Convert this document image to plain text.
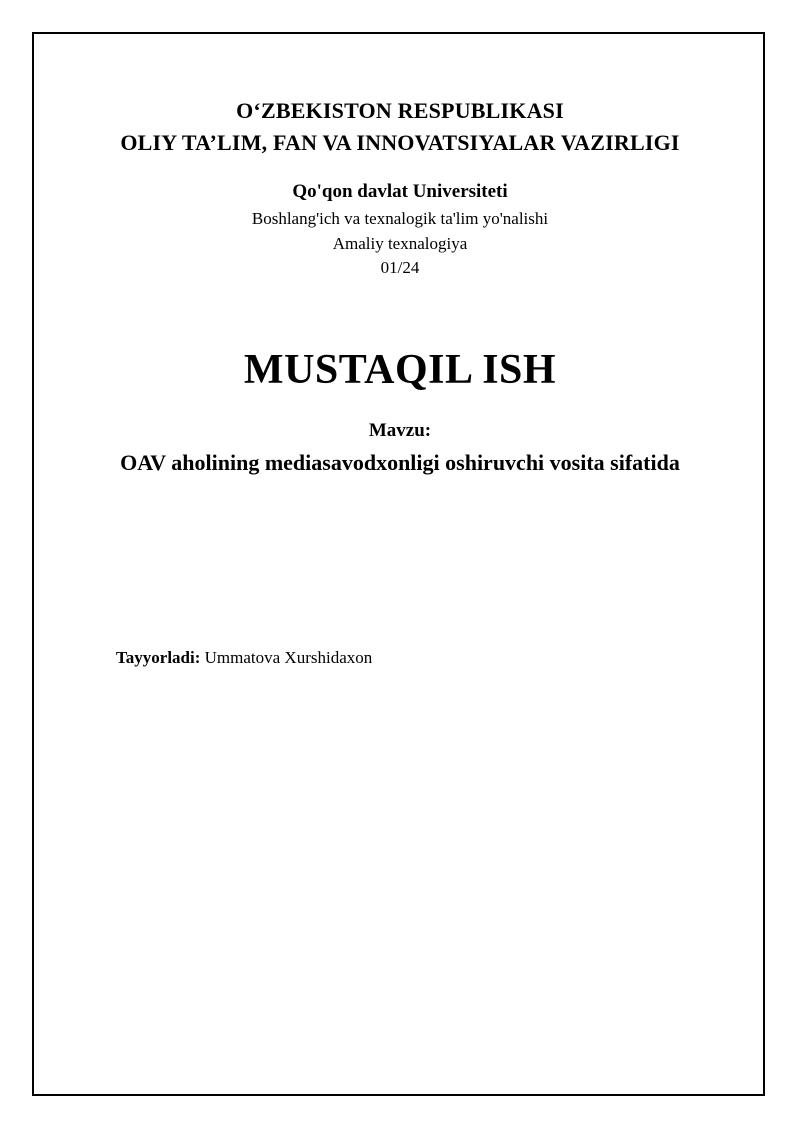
O‘ZBEKISTON RESPUBLIKASI
OLIY TA’LIM, FAN VA INNOVATSIYALAR VAZIRLIGI
Qo'qon davlat Universiteti
Boshlang'ich va texnalogik ta'lim yo'nalishi
Amaliy texnalogiya
01/24
MUSTAQIL ISH
Mavzu:
OAV aholining mediasavodxonligi oshiruvchi vosita sifatida
Tayyorladi: Ummatova Xurshidaxon
